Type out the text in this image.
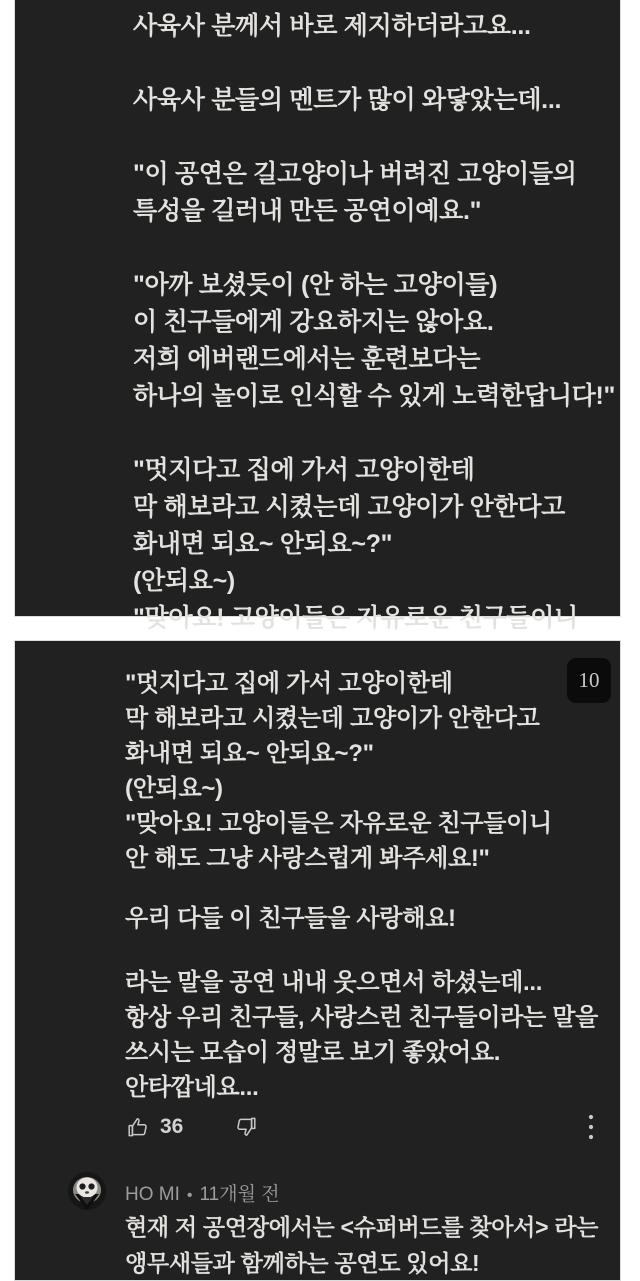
사육사 분께서 바로 제지하더라고요...
사육사 분들의 멘트가 많이 와닿았는데...
"이 공연은 길고양이나 버려진 고양이들의
특성을 길러내 만든 공연이예요."
"아까 보셨듯이 (안 하는 고양이들)
이 친구들에게 강요하지는 않아요.
저희 에버랜드에서는 훈련보다는
하나의 놀이로 인식할 수 있게 노력한답니다!"
"멋지다고 집에 가서 고양이한테
막 해보라고 시켰는데 고양이가 안한다고
화내면 되요~ 안되요~?"
(안되요~)
"맞아요! 고양이들은 자유로운 친구들이니
10
"멋지다고 집에 가서 고양이한테
막 해보라고 시켰는데 고양이가 안한다고
화내면 되요~ 안되요~?"
(안되요~)
"맞아요! 고양이들은 자유로운 친구들이니
안 해도 그냥 사랑스럽게 봐주세요!"
우리 다들 이 친구들을 사랑해요!
라는 말을 공연 내내 웃으면서 하셨는데...
항상 우리 친구들, 사랑스런 친구들이라는 말을
쓰시는 모습이 정말로 보기 좋았어요.
안타깝네요...
36
HO MI • 11개월 전
현재 저 공연장에서는 <슈퍼버드를 찾아서> 라는
앵무새들과 함께하는 공연도 있어요!
